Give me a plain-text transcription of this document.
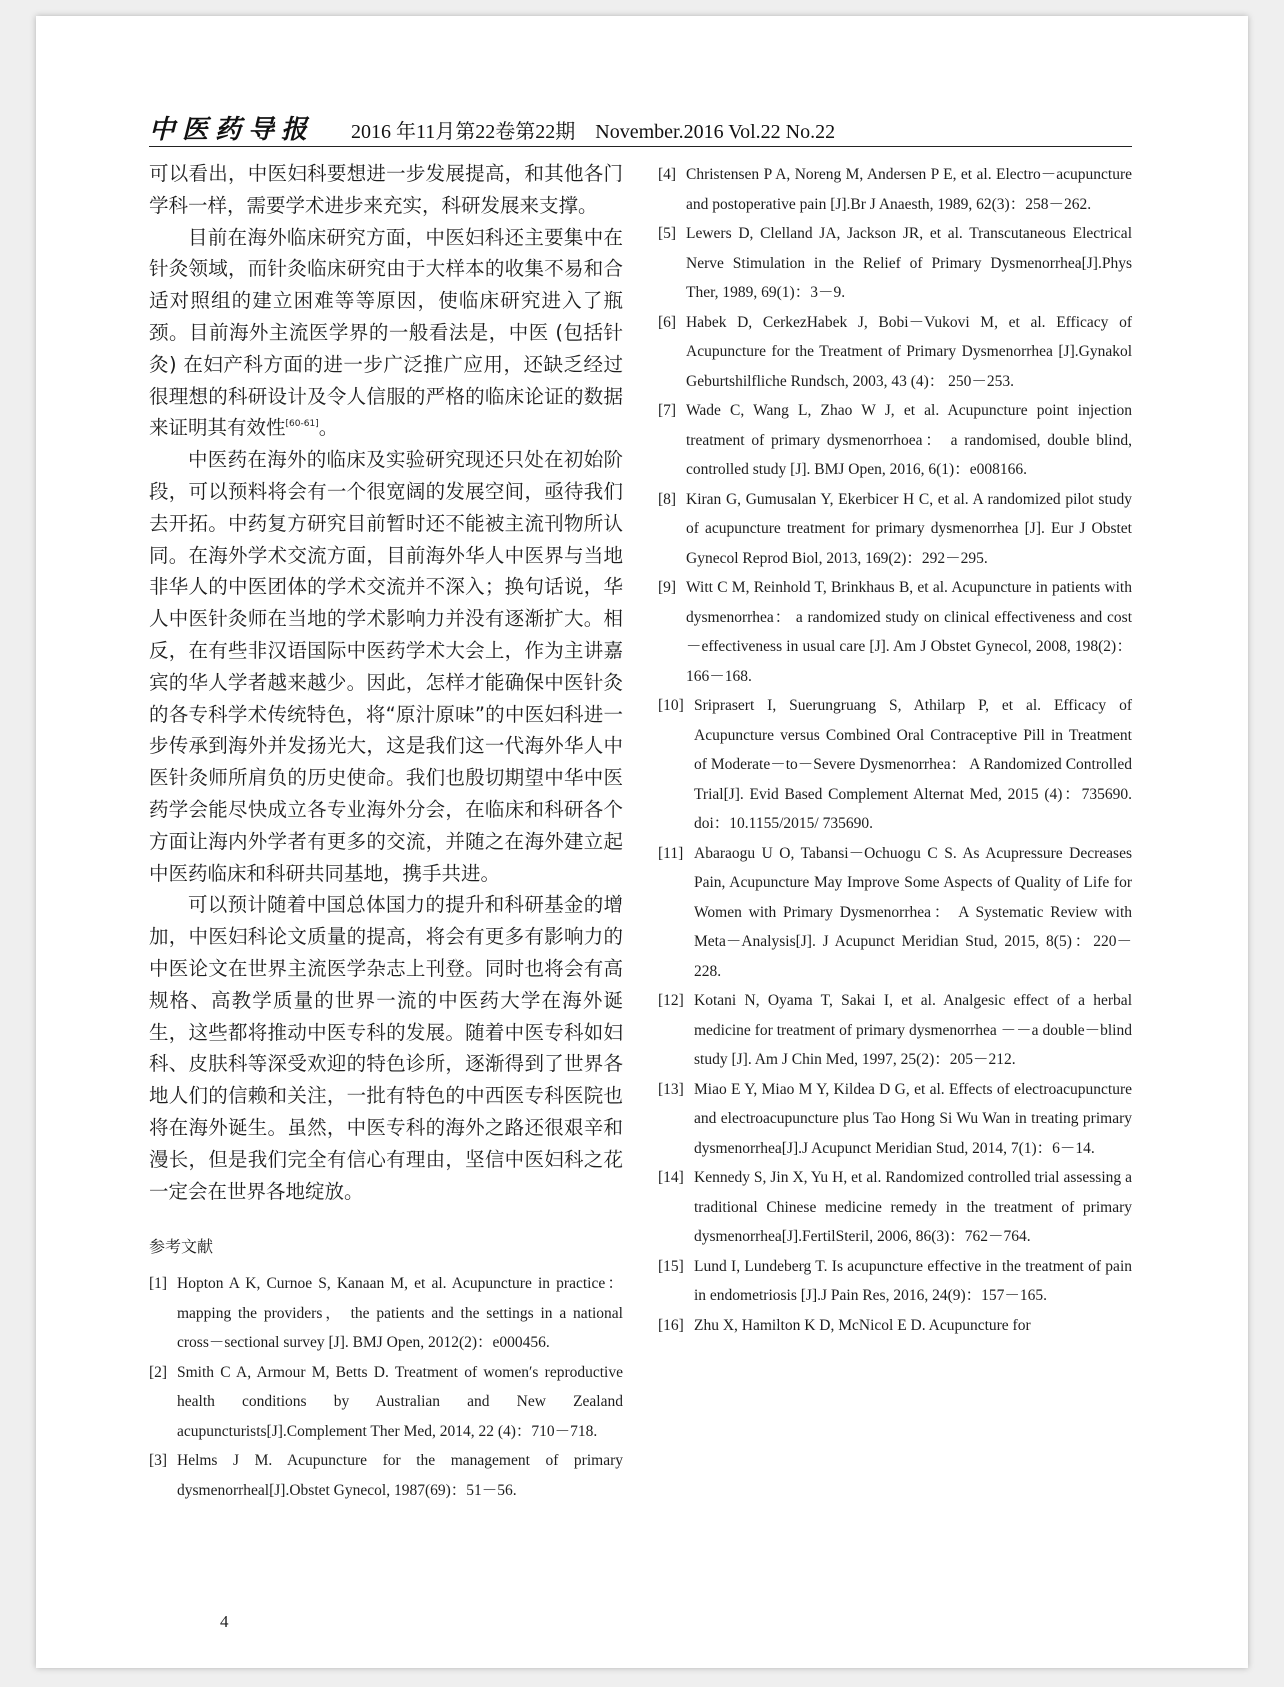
中医药导报 2016 年11月第22卷第22期　November.2016 Vol.22 No.22

可以看出，中医妇科要想进一步发展提高，和其他各门学科一样，需要学术进步来充实，科研发展来支撑。

目前在海外临床研究方面，中医妇科还主要集中在针灸领域，而针灸临床研究由于大样本的收集不易和合适对照组的建立困难等等原因，使临床研究进入了瓶颈。目前海外主流医学界的一般看法是，中医 (包括针灸) 在妇产科方面的进一步广泛推广应用，还缺乏经过很理想的科研设计及令人信服的严格的临床论证的数据来证明其有效性[60-61]。

中医药在海外的临床及实验研究现还只处在初始阶段，可以预料将会有一个很宽阔的发展空间，亟待我们去开拓。中药复方研究目前暂时还不能被主流刊物所认同。在海外学术交流方面，目前海外华人中医界与当地非华人的中医团体的学术交流并不深入；换句话说，华人中医针灸师在当地的学术影响力并没有逐渐扩大。相反，在有些非汉语国际中医药学术大会上，作为主讲嘉宾的华人学者越来越少。因此，怎样才能确保中医针灸的各专科学术传统特色，将“原汁原味”的中医妇科进一步传承到海外并发扬光大，这是我们这一代海外华人中医针灸师所肩负的历史使命。我们也殷切期望中华中医药学会能尽快成立各专业海外分会，在临床和科研各个方面让海内外学者有更多的交流，并随之在海外建立起中医药临床和科研共同基地，携手共进。

可以预计随着中国总体国力的提升和科研基金的增加，中医妇科论文质量的提高，将会有更多有影响力的中医论文在世界主流医学杂志上刊登。同时也将会有高规格、高教学质量的世界一流的中医药大学在海外诞生，这些都将推动中医专科的发展。随着中医专科如妇科、皮肤科等深受欢迎的特色诊所，逐渐得到了世界各地人们的信赖和关注，一批有特色的中西医专科医院也将在海外诞生。虽然，中医专科的海外之路还很艰辛和漫长，但是我们完全有信心有理由，坚信中医妇科之花一定会在世界各地绽放。

参考文献
[1] Hopton A K, Curnoe S, Kanaan M, et al. Acupuncture in practice： mapping the providers， the patients and the settings in a national cross－sectional survey [J]. BMJ Open, 2012(2)：e000456.
[2] Smith C A, Armour M, Betts D. Treatment of women′s reproductive health conditions by Australian and New Zealand acupuncturists[J].Complement Ther Med, 2014, 22 (4)：710－718.
[3] Helms J M. Acupuncture for the management of primary dysmenorrheal[J].Obstet Gynecol, 1987(69)：51－56.
[4] Christensen P A, Noreng M, Andersen P E, et al. Electro－acupuncture and postoperative pain [J].Br J Anaesth, 1989, 62(3)：258－262.
[5] Lewers D, Clelland JA, Jackson JR, et al. Transcutaneous Electrical Nerve Stimulation in the Relief of Primary Dysmenorrhea[J].Phys Ther, 1989, 69(1)：3－9.
[6] Habek D, CerkezHabek J, Bobi－Vukovi M, et al. Efficacy of Acupuncture for the Treatment of Primary Dysmenorrhea [J].Gynakol Geburtshilfliche Rundsch, 2003, 43 (4)： 250－253.
[7] Wade C, Wang L, Zhao W J, et al. Acupuncture point injection treatment of primary dysmenorrhoea： a randomised, double blind, controlled study [J]. BMJ Open, 2016, 6(1)：e008166.
[8] Kiran G, Gumusalan Y, Ekerbicer H C, et al. A randomized pilot study of acupuncture treatment for primary dysmenorrhea [J]. Eur J Obstet Gynecol Reprod Biol, 2013, 169(2)：292－295.
[9] Witt C M, Reinhold T, Brinkhaus B, et al. Acupuncture in patients with dysmenorrhea： a randomized study on clinical effectiveness and cost－effectiveness in usual care [J]. Am J Obstet Gynecol, 2008, 198(2)：166－168.
[10] Sriprasert I, Suerungruang S, Athilarp P, et al. Efficacy of Acupuncture versus Combined Oral Contraceptive Pill in Treatment of Moderate－to－Severe Dysmenorrhea： A Randomized Controlled Trial[J]. Evid Based Complement Alternat Med, 2015 (4)：735690. doi：10.1155/2015/ 735690.
[11] Abaraogu U O, Tabansi－Ochuogu C S. As Acupressure Decreases Pain, Acupuncture May Improve Some Aspects of Quality of Life for Women with Primary Dysmenorrhea： A Systematic Review with Meta－Analysis[J]. J Acupunct Meridian Stud, 2015, 8(5)：220－228.
[12] Kotani N, Oyama T, Sakai I, et al. Analgesic effect of a herbal medicine for treatment of primary dysmenorrhea －－a double－blind study [J]. Am J Chin Med, 1997, 25(2)：205－212.
[13] Miao E Y, Miao M Y, Kildea D G, et al. Effects of electroacupuncture and electroacupuncture plus Tao Hong Si Wu Wan in treating primary dysmenorrhea[J].J Acupunct Meridian Stud, 2014, 7(1)：6－14.
[14] Kennedy S, Jin X, Yu H, et al. Randomized controlled trial assessing a traditional Chinese medicine remedy in the treatment of primary dysmenorrhea[J].FertilSteril, 2006, 86(3)：762－764.
[15] Lund I, Lundeberg T. Is acupuncture effective in the treatment of pain in endometriosis [J].J Pain Res, 2016, 24(9)：157－165.
[16] Zhu X, Hamilton K D, McNicol E D. Acupuncture for
4
